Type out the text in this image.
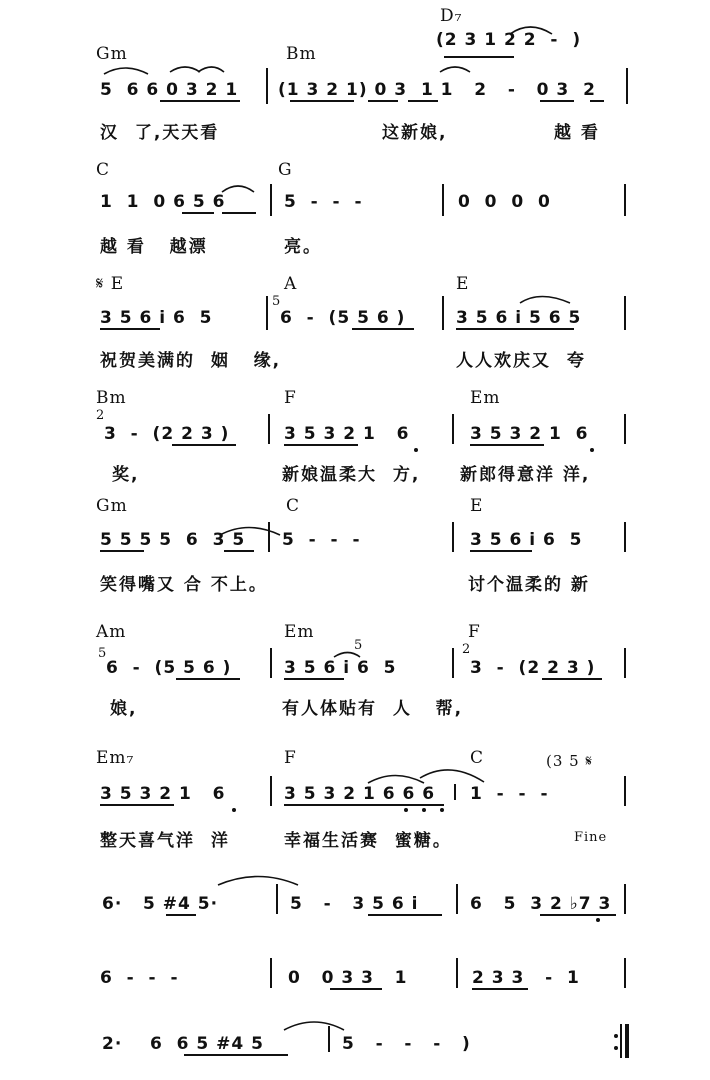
Gm	Bm
D₇
(2 3 1 2 2  -  )
5  6 6 0 3 2 1 (1 3 2 1) 0 3  1 1   2   -   0 3  2
汉  了,天天看	这新娘,	越 看
C	G
1  1  0 6 5 6	5  -  -  -	0  0  0  0
越 看   越漂	亮。
𝄋 E	A	E
3 5 6 i 6  5
5
6  -  (5 5 6 )	3 5 6 i 5 6 5
祝贺美满的  姻   缘,	人人欢庆又  夸
Bm	F	Em
2
3  -  (2 2 3 )	3 5 3 2 1   6	3 5 3 2 1  6
奖,	新娘温柔大  方, 新郎得意洋 洋,
Gm	C	E
5 5 5 5  6  3 5 5  -  -  -	3 5 6 i 6  5
笑得嘴又 合 不上。	讨个温柔的 新
Am	Em	F
5
6  -  (5 5 6 )
5
3 5 6 i 6  5
2
3  -  (2 2 3 )
娘,	有人体贴有  人   帮,
Em₇	F	C	(3 5 𝄋
3 5 3 2 1   6	3 5 3 2 1 6 6 6 1  -  -  -
整天喜气洋  洋	幸福生活赛  蜜糖。	Fine
6·   5 #4 5·	5   -   3 5 6 i	6   5  3 2 ♭7 3
6  -  -  -	0   0 3 3   1	2 3 3   -  1
2·    6  6 5 #4 5	5   -   -   -   )
